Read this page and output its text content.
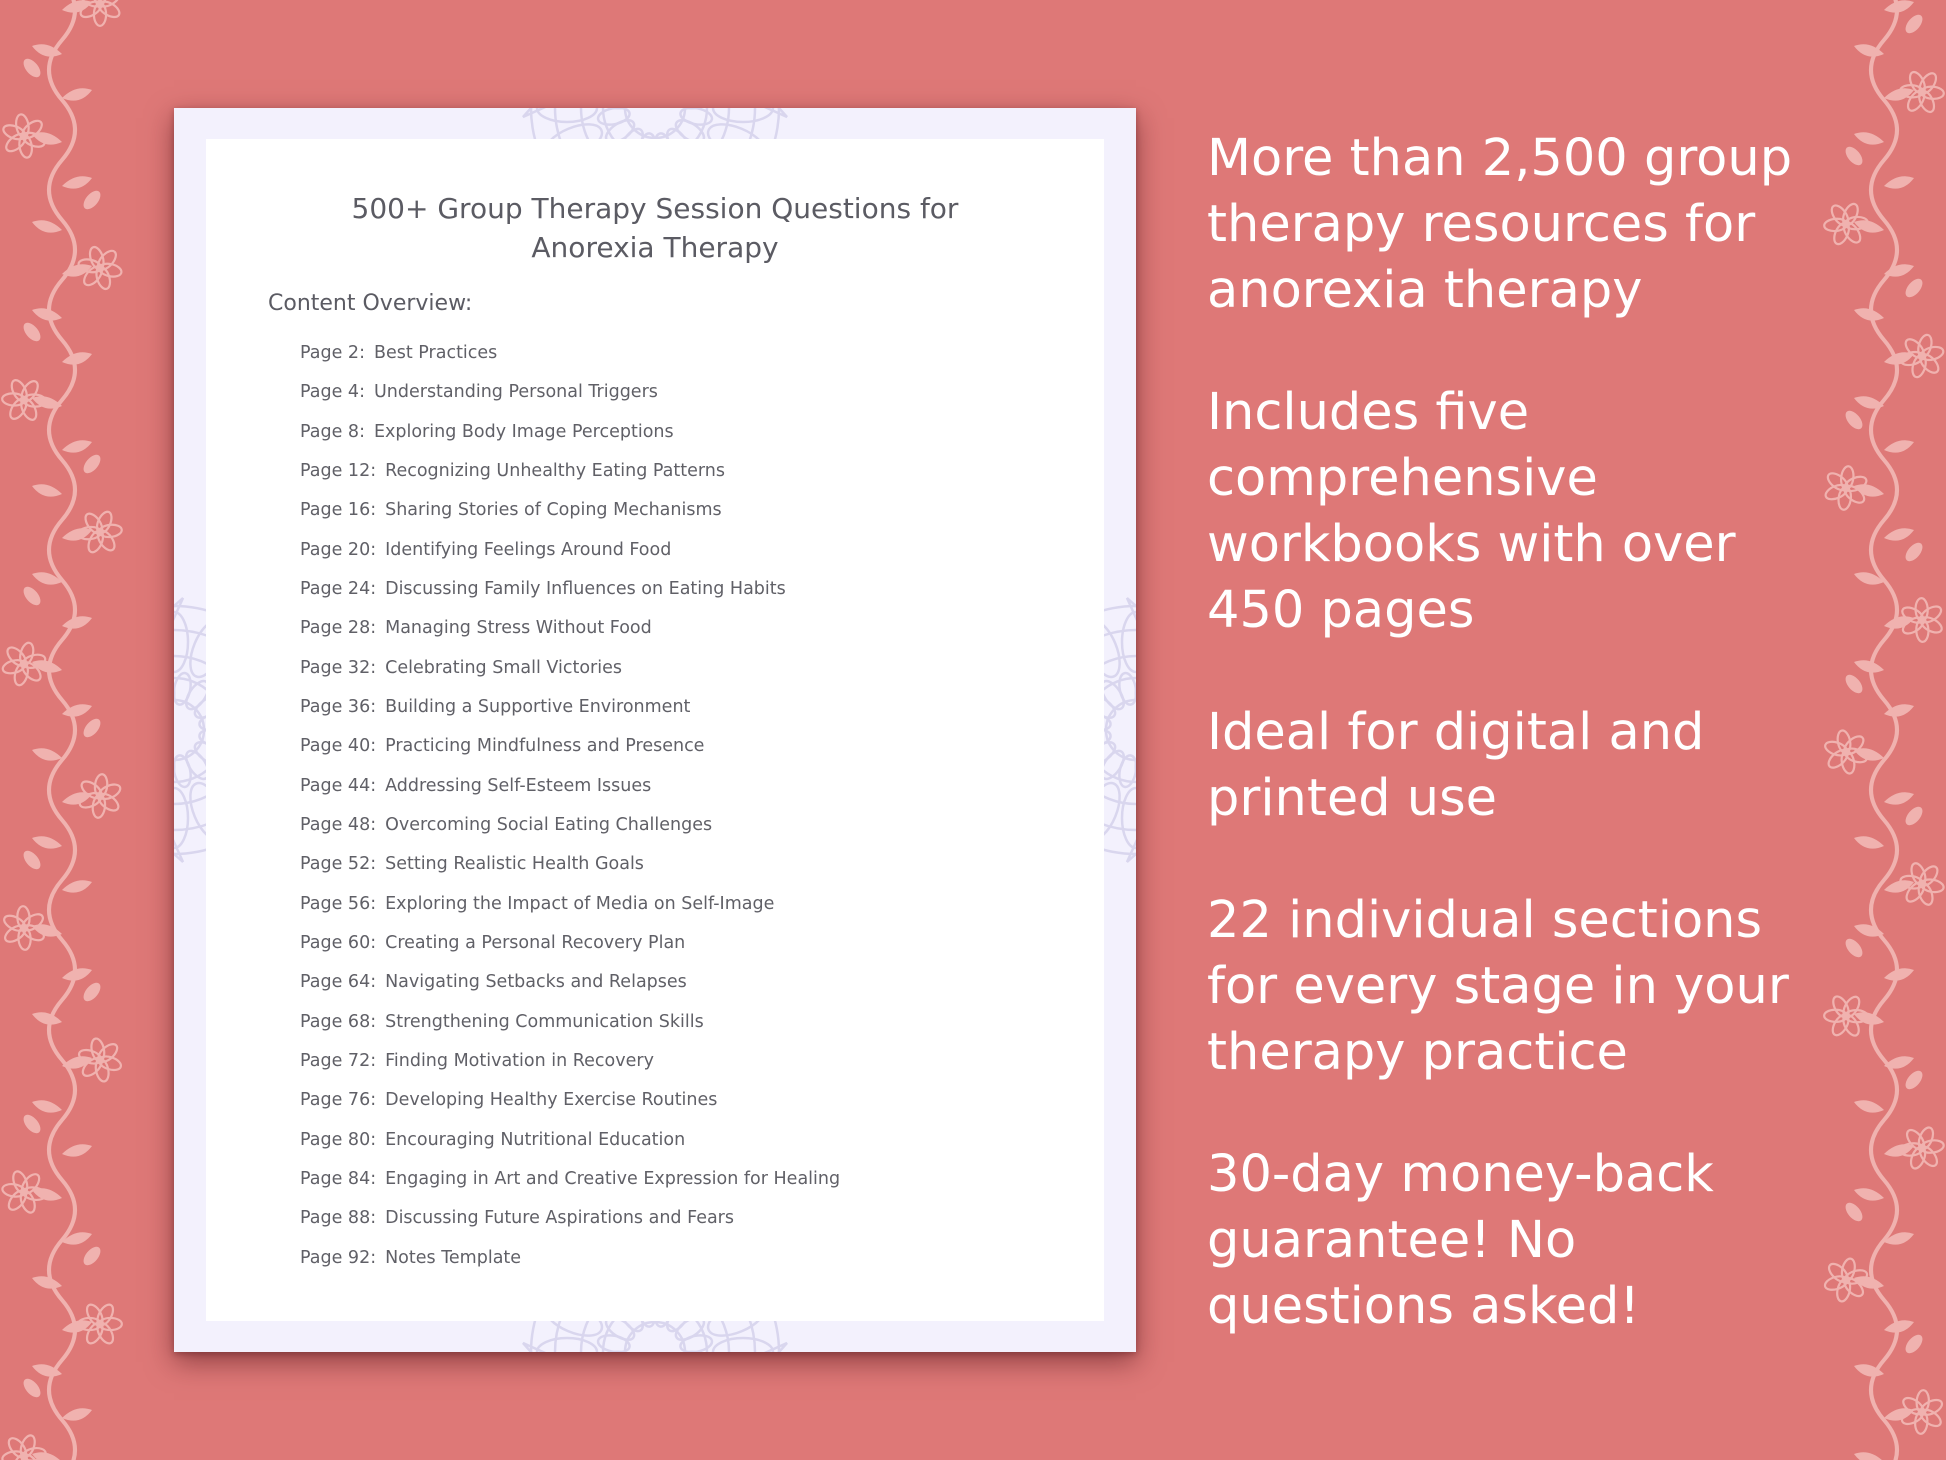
500+ Group Therapy Session Questions for
Anorexia Therapy
Content Overview:
Page 2: Best Practices
Page 4: Understanding Personal Triggers
Page 8: Exploring Body Image Perceptions
Page 12: Recognizing Unhealthy Eating Patterns
Page 16: Sharing Stories of Coping Mechanisms
Page 20: Identifying Feelings Around Food
Page 24: Discussing Family Influences on Eating Habits
Page 28: Managing Stress Without Food
Page 32: Celebrating Small Victories
Page 36: Building a Supportive Environment
Page 40: Practicing Mindfulness and Presence
Page 44: Addressing Self-Esteem Issues
Page 48: Overcoming Social Eating Challenges
Page 52: Setting Realistic Health Goals
Page 56: Exploring the Impact of Media on Self-Image
Page 60: Creating a Personal Recovery Plan
Page 64: Navigating Setbacks and Relapses
Page 68: Strengthening Communication Skills
Page 72: Finding Motivation in Recovery
Page 76: Developing Healthy Exercise Routines
Page 80: Encouraging Nutritional Education
Page 84: Engaging in Art and Creative Expression for Healing
Page 88: Discussing Future Aspirations and Fears
Page 92: Notes Template
More than 2,500 group
therapy resources for
anorexia therapy
Includes five
comprehensive
workbooks with over
450 pages
Ideal for digital and
printed use
22 individual sections
for every stage in your
therapy practice
30-day money-back
guarantee! No
questions asked!
